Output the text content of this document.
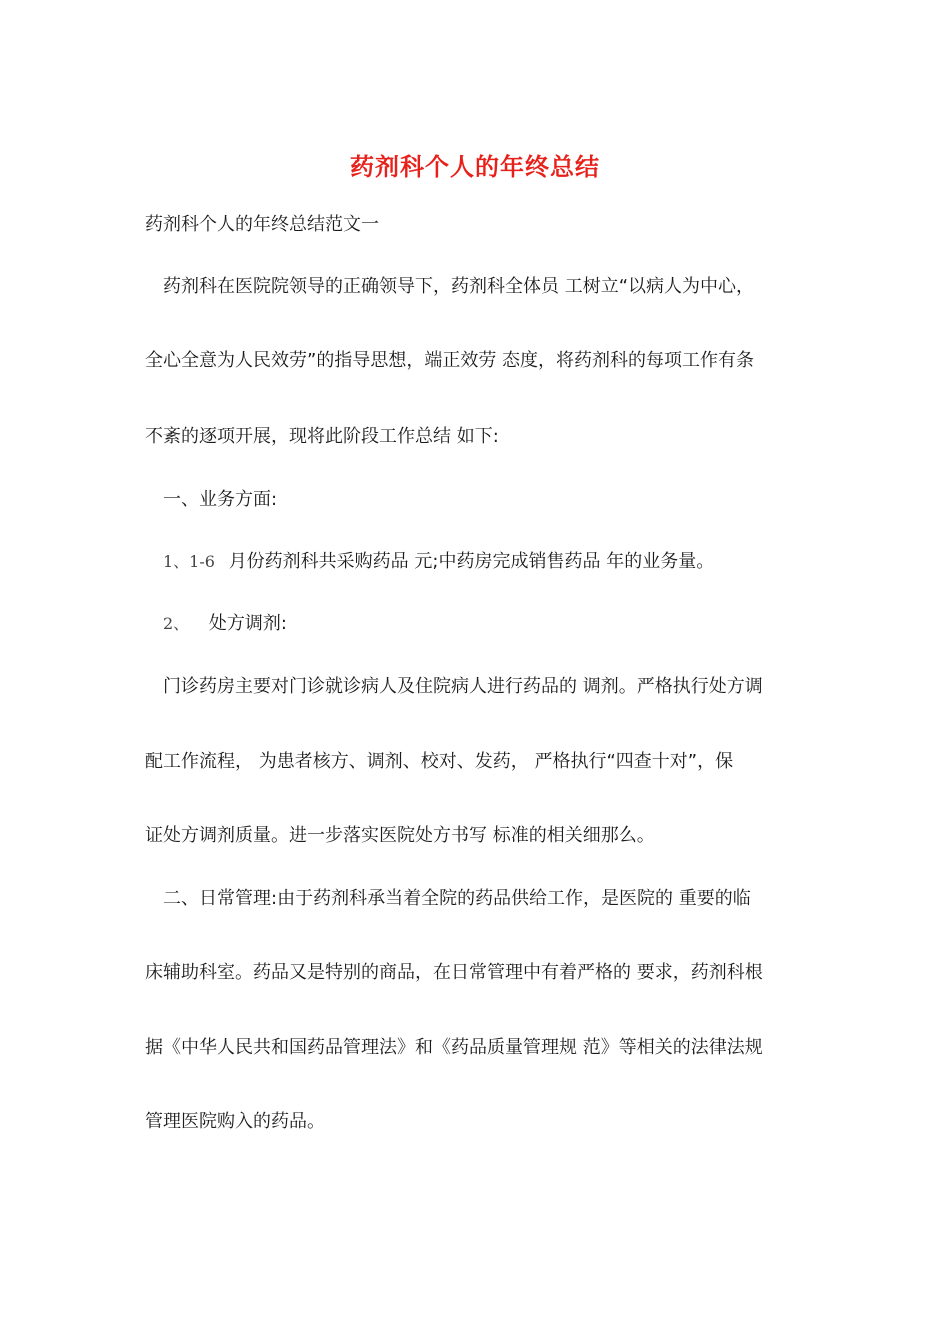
药剂科个人的年终总结
药剂科个人的年终总结范文一
药剂科在医院院领导的正确领导下，药剂科全体员 工树立“以病人为中心，
全心全意为人民效劳”的指导思想，端正效劳 态度，将药剂科的每项工作有条
不紊的逐项开展，现将此阶段工作总结 如下:
一、业务方面:
1、1-6 月份药剂科共采购药品 元;中药房完成销售药品 年的业务量。
2、 处方调剂:
门诊药房主要对门诊就诊病人及住院病人进行药品的 调剂。严格执行处方调
配工作流程， 为患者核方、调剂、校对、发药， 严格执行“四查十对”，保
证处方调剂质量。进一步落实医院处方书写 标准的相关细那么。
二、日常管理:由于药剂科承当着全院的药品供给工作，是医院的 重要的临
床辅助科室。药品又是特别的商品，在日常管理中有着严格的 要求，药剂科根
据《中华人民共和国药品管理法》和《药品质量管理规 范》等相关的法律法规
管理医院购入的药品。
